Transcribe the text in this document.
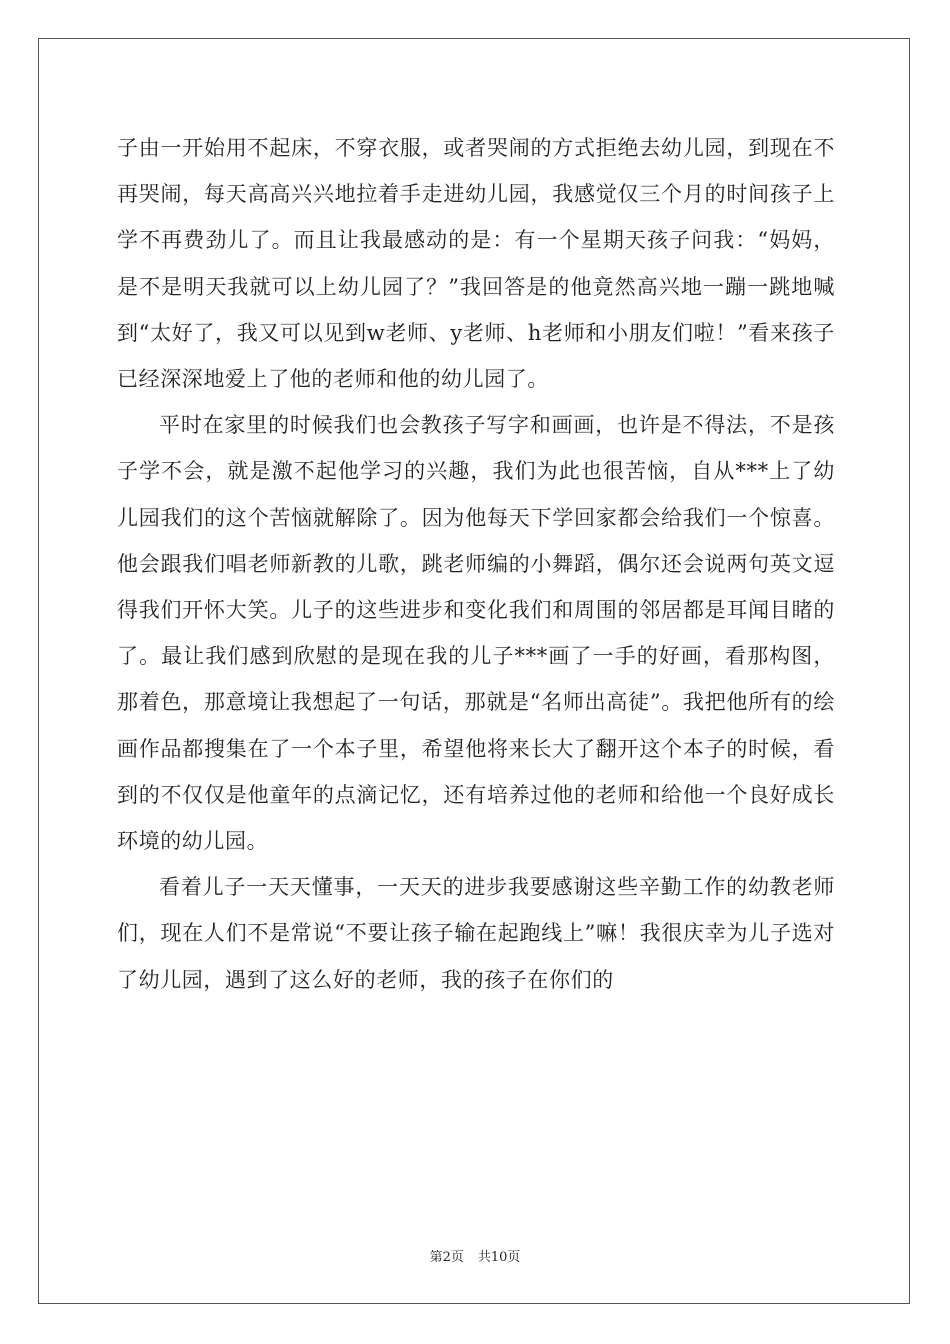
子由一开始用不起床，不穿衣服，或者哭闹的方式拒绝去幼儿园，到现在不再哭闹，每天高高兴兴地拉着手走进幼儿园，我感觉仅三个月的时间孩子上学不再费劲儿了。而且让我最感动的是：有一个星期天孩子问我：“妈妈，是不是明天我就可以上幼儿园了？”我回答是的他竟然高兴地一蹦一跳地喊到“太好了，我又可以见到w老师、y老师、h老师和小朋友们啦！”看来孩子已经深深地爱上了他的老师和他的幼儿园了。

平时在家里的时候我们也会教孩子写字和画画，也许是不得法，不是孩子学不会，就是激不起他学习的兴趣，我们为此也很苦恼，自从***上了幼儿园我们的这个苦恼就解除了。因为他每天下学回家都会给我们一个惊喜。他会跟我们唱老师新教的儿歌，跳老师编的小舞蹈，偶尔还会说两句英文逗得我们开怀大笑。儿子的这些进步和变化我们和周围的邻居都是耳闻目睹的了。最让我们感到欣慰的是现在我的儿子***画了一手的好画，看那构图，那着色，那意境让我想起了一句话，那就是“名师出高徒”。我把他所有的绘画作品都搜集在了一个本子里，希望他将来长大了翻开这个本子的时候，看到的不仅仅是他童年的点滴记忆，还有培养过他的老师和给他一个良好成长环境的幼儿园。

看着儿子一天天懂事，一天天的进步我要感谢这些辛勤工作的幼教老师们，现在人们不是常说“不要让孩子输在起跑线上”嘛！我很庆幸为儿子选对了幼儿园，遇到了这么好的老师，我的孩子在你们的

第2页 共10页
